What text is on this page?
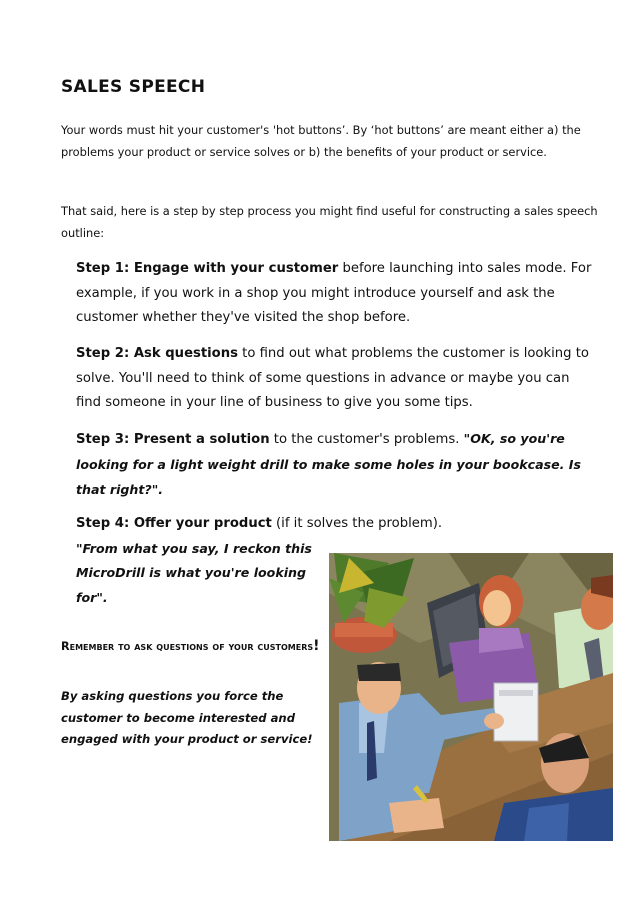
SALES SPEECH

Your words must hit your customer's 'hot buttons’. By ‘hot buttons’ are meant either a) the problems your product or service solves or b) the benefits of your product or service.

That said, here is a step by step process you might find useful for constructing a sales speech outline:

Step 1: Engage with your customer before launching into sales mode. For example, if you work in a shop you might introduce yourself and ask the customer whether they've visited the shop before.

Step 2: Ask questions to find out what problems the customer is looking to solve. You'll need to think of some questions in advance or maybe you can find someone in your line of business to give you some tips.

Step 3: Present a solution to the customer's problems. "OK, so you're looking for a light weight drill to make some holes in your bookcase. Is that right?".

Step 4: Offer your product (if it solves the problem).
"From what you say, I reckon this MicroDrill is what you're looking for".

Remember to ask questions of your customers!

By asking questions you force the customer to become interested and engaged with your product or service!
